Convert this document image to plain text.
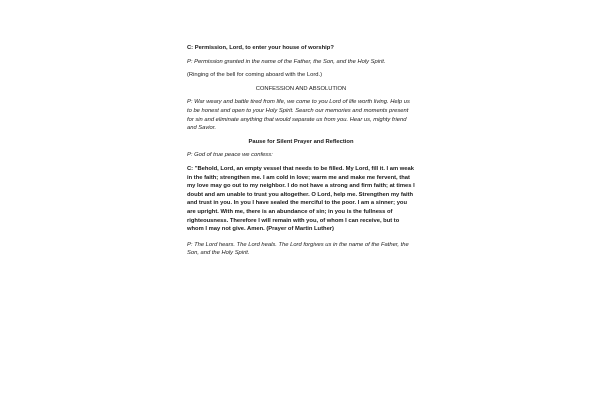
C: Permission, Lord, to enter your house of worship?

P: Permission granted in the name of the Father, the Son, and the Holy Spirit.

(Ringing of the bell for coming aboard with the Lord.)

CONFESSION AND ABSOLUTION

P: War weary and battle tired from life, we come to you Lord of life worth living. Help us to be honest and open to your Holy Spirit. Search our memories and moments present for sin and eliminate anything that would separate us from you. Hear us, mighty friend and Savior.

Pause for Silent Prayer and Reflection

P: God of true peace we confess:

C: "Behold, Lord, an empty vessel that needs to be filled. My Lord, fill it. I am weak in the faith; strengthen me. I am cold in love; warm me and make me fervent, that my love may go out to my neighbor. I do not have a strong and firm faith; at times I doubt and am unable to trust you altogether. O Lord, help me. Strengthen my faith and trust in you. In you I have sealed the merciful to the poor. I am a sinner; you are upright. With me, there is an abundance of sin; in you is the fullness of righteousness. Therefore I will remain with you, of whom I can receive, but to whom I may not give. Amen. (Prayer of Martin Luther)

P: The Lord hears. The Lord heals. The Lord forgives us in the name of the Father, the Son, and the Holy Spirit.
